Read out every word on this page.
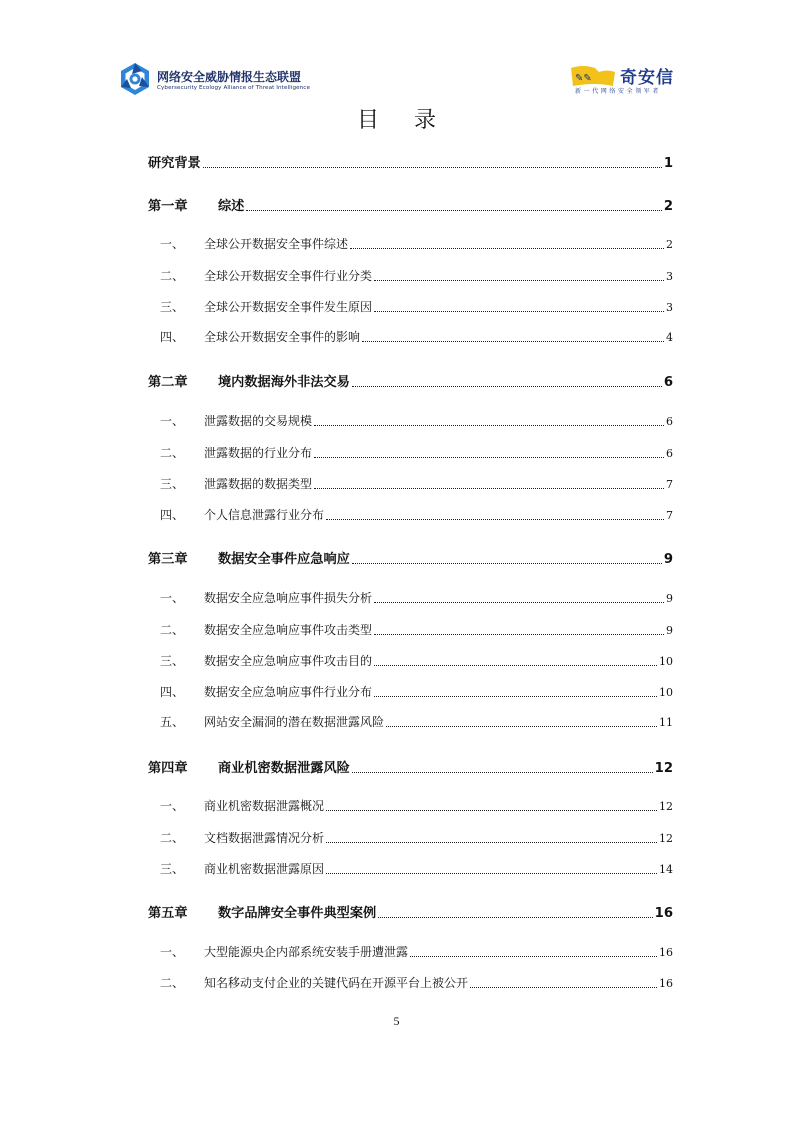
网络安全威胁情报生态联盟
Cybersecurity Ecology Alliance of Threat Intelligence
✎✎ 奇安信
新一代网络安全领军者
目 录
研究背景	1
第一章	综述	2
一、	全球公开数据安全事件综述	2
二、	全球公开数据安全事件行业分类	3
三、	全球公开数据安全事件发生原因	3
四、	全球公开数据安全事件的影响	4
第二章	境内数据海外非法交易	6
一、	泄露数据的交易规模	6
二、	泄露数据的行业分布	6
三、	泄露数据的数据类型	7
四、	个人信息泄露行业分布	7
第三章	数据安全事件应急响应	9
一、	数据安全应急响应事件损失分析	9
二、	数据安全应急响应事件攻击类型	9
三、	数据安全应急响应事件攻击目的	10
四、	数据安全应急响应事件行业分布	10
五、	网站安全漏洞的潜在数据泄露风险	11
第四章	商业机密数据泄露风险	12
一、	商业机密数据泄露概况	12
二、	文档数据泄露情况分析	12
三、	商业机密数据泄露原因	14
第五章	数字品牌安全事件典型案例	16
一、	大型能源央企内部系统安装手册遭泄露	16
二、	知名移动支付企业的关键代码在开源平台上被公开	16
5
